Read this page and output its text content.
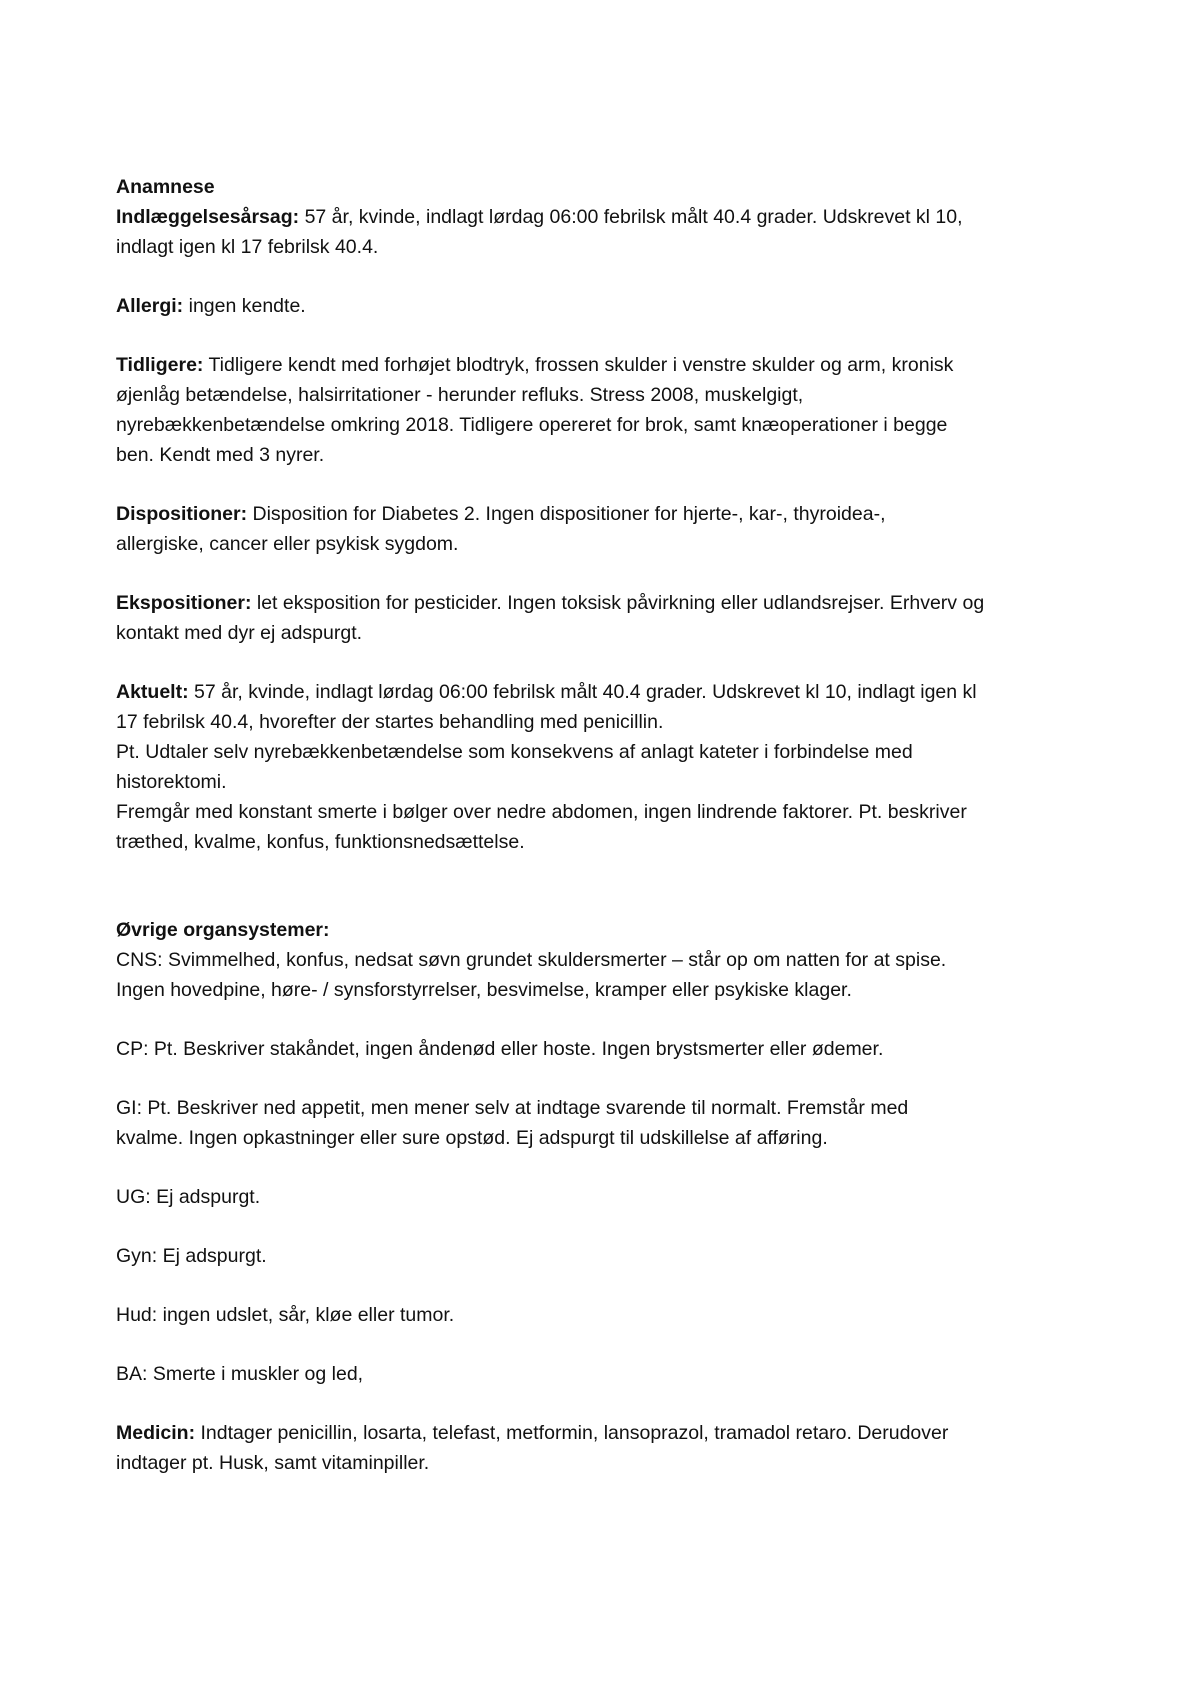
Anamnese
Indlæggelsesårsag: 57 år, kvinde, indlagt lørdag 06:00 febrilsk målt 40.4 grader. Udskrevet kl 10,
indlagt igen kl 17 febrilsk 40.4.
Allergi: ingen kendte.
Tidligere: Tidligere kendt med forhøjet blodtryk, frossen skulder i venstre skulder og arm, kronisk
øjenlåg betændelse, halsirritationer - herunder refluks. Stress 2008, muskelgigt,
nyrebækkenbetændelse omkring 2018. Tidligere opereret for brok, samt knæoperationer i begge
ben. Kendt med 3 nyrer.
Dispositioner: Disposition for Diabetes 2. Ingen dispositioner for hjerte-, kar-, thyroidea-,
allergiske, cancer eller psykisk sygdom.
Ekspositioner: let eksposition for pesticider. Ingen toksisk påvirkning eller udlandsrejser. Erhverv og
kontakt med dyr ej adspurgt.
Aktuelt: 57 år, kvinde, indlagt lørdag 06:00 febrilsk målt 40.4 grader. Udskrevet kl 10, indlagt igen kl
17 febrilsk 40.4, hvorefter der startes behandling med penicillin.
Pt. Udtaler selv nyrebækkenbetændelse som konsekvens af anlagt kateter i forbindelse med
historektomi.
Fremgår med konstant smerte i bølger over nedre abdomen, ingen lindrende faktorer. Pt. beskriver
træthed, kvalme, konfus, funktionsnedsættelse.
Øvrige organsystemer:
CNS: Svimmelhed, konfus, nedsat søvn grundet skuldersmerter – står op om natten for at spise.
Ingen hovedpine, høre- / synsforstyrrelser, besvimelse, kramper eller psykiske klager.
CP: Pt. Beskriver stakåndet, ingen åndenød eller hoste. Ingen brystsmerter eller ødemer.
GI: Pt. Beskriver ned appetit, men mener selv at indtage svarende til normalt. Fremstår med
kvalme. Ingen opkastninger eller sure opstød. Ej adspurgt til udskillelse af afføring.
UG: Ej adspurgt.
Gyn: Ej adspurgt.
Hud: ingen udslet, sår, kløe eller tumor.
BA: Smerte i muskler og led,
Medicin: Indtager penicillin, losarta, telefast, metformin, lansoprazol, tramadol retaro. Derudover
indtager pt. Husk, samt vitaminpiller.
